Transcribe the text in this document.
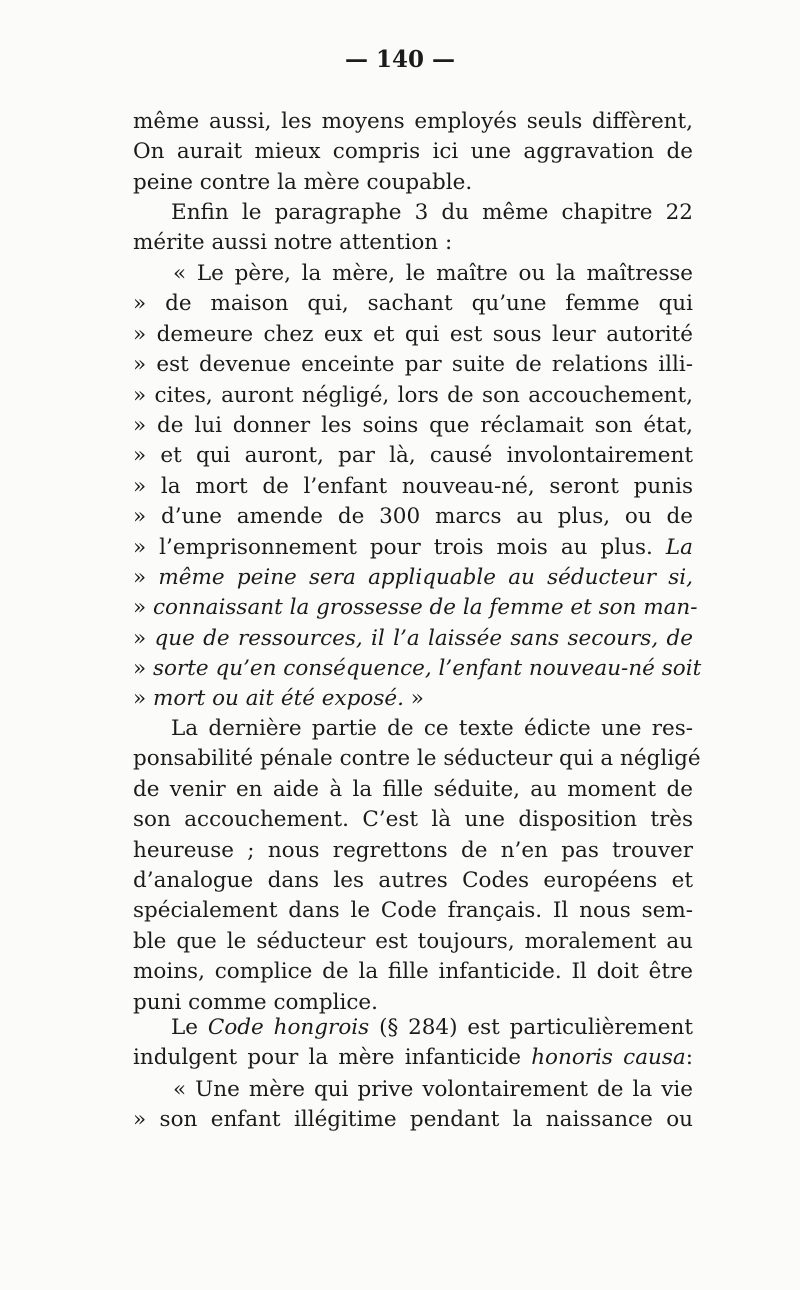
— 140 —
même aussi, les moyens employés seuls diffèrent,
On aurait mieux compris ici une aggravation de
peine contre la mère coupable.
Enfin le paragraphe 3 du même chapitre 22
mérite aussi notre attention :
« Le père, la mère, le maître ou la maîtresse
» de maison qui, sachant qu’une femme qui
» demeure chez eux et qui est sous leur autorité
» est devenue enceinte par suite de relations illi-
» cites, auront négligé, lors de son accouchement,
» de lui donner les soins que réclamait son état,
» et qui auront, par là, causé involontairement
» la mort de l’enfant nouveau-né, seront punis
» d’une amende de 300 marcs au plus, ou de
» l’emprisonnement pour trois mois au plus. La
» même peine sera appliquable au séducteur si,
» connaissant la grossesse de la femme et son man-
» que de ressources, il l’a laissée sans secours, de
» sorte qu’en conséquence, l’enfant nouveau-né soit
» mort ou ait été exposé. »
La dernière partie de ce texte édicte une res-
ponsabilité pénale contre le séducteur qui a négligé
de venir en aide à la fille séduite, au moment de
son accouchement. C’est là une disposition très
heureuse ; nous regrettons de n’en pas trouver
d’analogue dans les autres Codes européens et
spécialement dans le Code français. Il nous sem-
ble que le séducteur est toujours, moralement au
moins, complice de la fille infanticide. Il doit être
puni comme complice.
Le Code hongrois (§ 284) est particulièrement
indulgent pour la mère infanticide honoris causa:
« Une mère qui prive volontairement de la vie
» son enfant illégitime pendant la naissance ou
